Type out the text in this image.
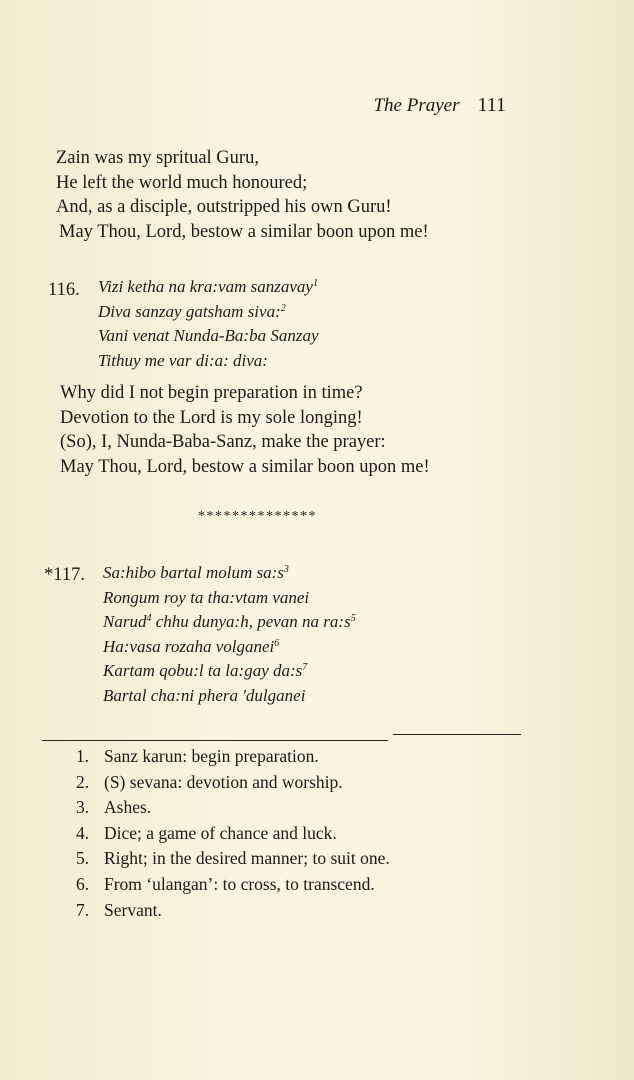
The Prayer 111
Zain was my spritual Guru,
He left the world much honoured;
And, as a disciple, outstripped his own Guru!
May Thou, Lord, bestow a similar boon upon me!
116. Vizi ketha na kra:vam sanzavay$^1$
Diva sanzay gatsham siva:$^2$
Vani venat Nunda-Ba:ba Sanzay
Tithuy me var di:a: diva:
Why did I not begin preparation in time?
Devotion to the Lord is my sole longing!
(So), I, Nunda-Baba-Sanz, make the prayer:
May Thou, Lord, bestow a similar boon upon me!
**************
*117. Sa:hibo bartal molum $sa:s^3$
Rongum roy ta tha:vtam vanei
Narud$^4$ chhu dunya:h, pevan na $ra:s^5$
Ha:vasa rozaha volganei$^6$
Kartam qobu:l ta la:gay $da:s^7$
Bartal cha:ni phera 'dulganei
1. Sanz karun: begin preparation.
2. (S) sevana: devotion and worship.
3. Ashes.
4. Dice; a game of chance and luck.
5. Right; in the desired manner; to suit one.
6. From ‘ulangan’: to cross, to transcend.
7. Servant.
